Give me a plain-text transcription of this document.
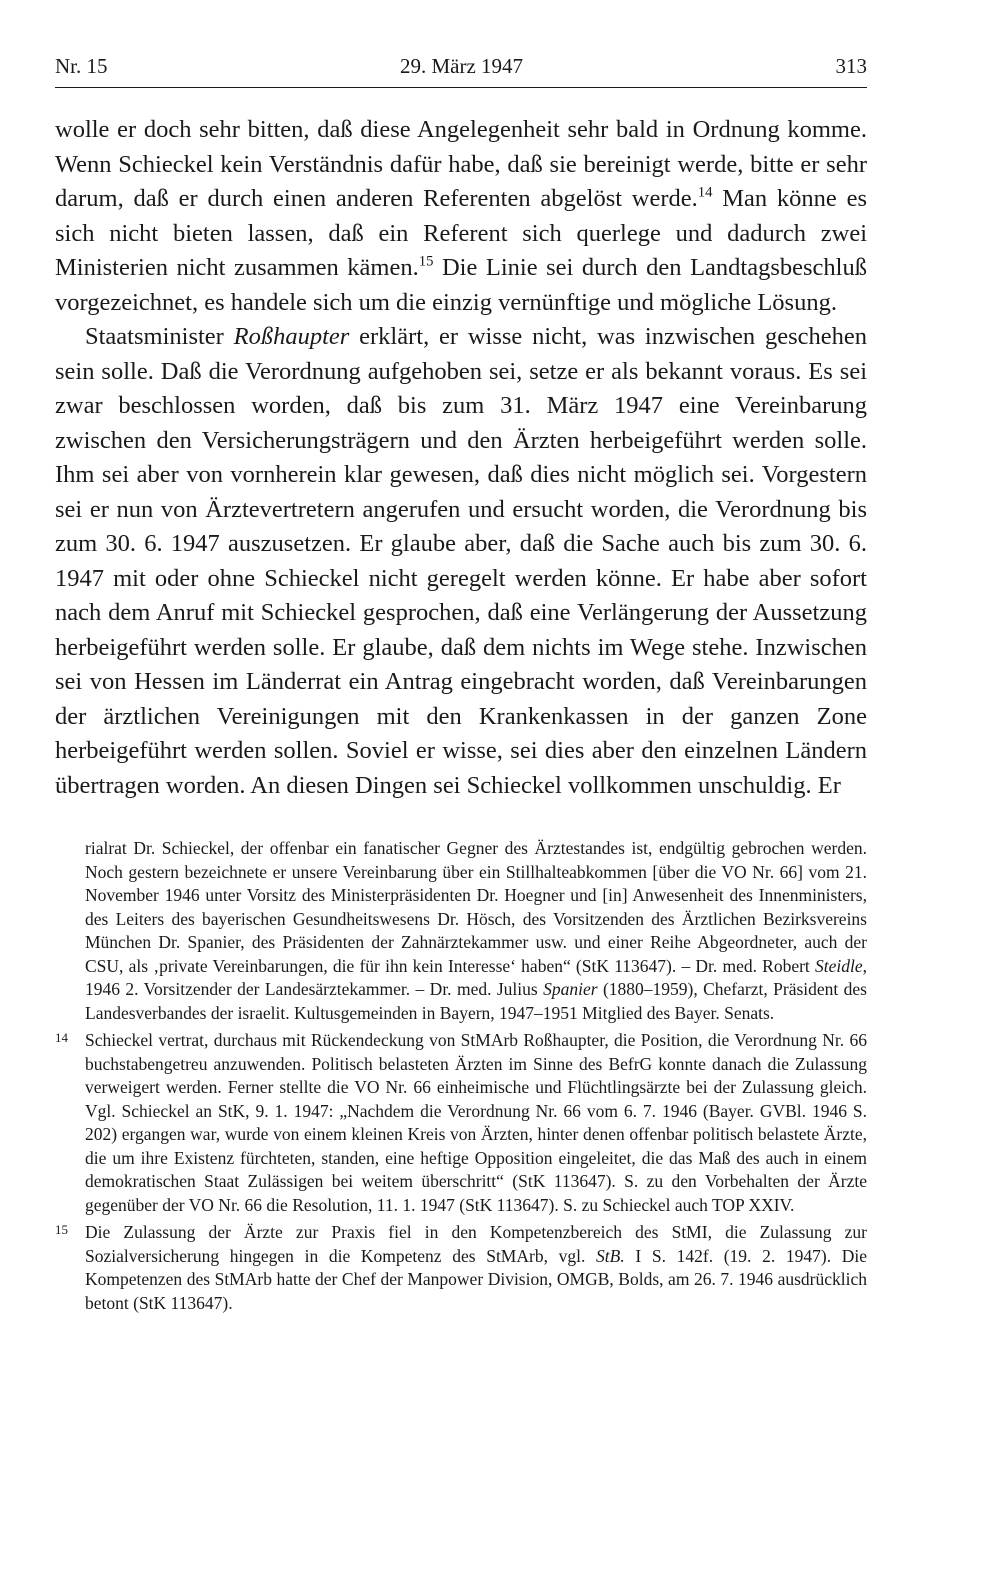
Nr. 15	29. März 1947	313

wolle er doch sehr bitten, daß diese Angelegenheit sehr bald in Ordnung komme. Wenn Schieckel kein Verständnis dafür habe, daß sie bereinigt werde, bitte er sehr darum, daß er durch einen anderen Referenten abgelöst werde.$^{14}$ Man könne es sich nicht bieten lassen, daß ein Referent sich querlege und dadurch zwei Ministerien nicht zusammen kämen.$^{15}$ Die Linie sei durch den Landtagsbeschluß vorgezeichnet, es handele sich um die einzig vernünftige und mögliche Lösung.

Staatsminister Roßhaupter erklärt, er wisse nicht, was inzwischen geschehen sein solle. Daß die Verordnung aufgehoben sei, setze er als bekannt voraus. Es sei zwar beschlossen worden, daß bis zum 31. März 1947 eine Vereinbarung zwischen den Versicherungsträgern und den Ärzten herbeigeführt werden solle. Ihm sei aber von vornherein klar gewesen, daß dies nicht möglich sei. Vorgestern sei er nun von Ärztevertretern angerufen und ersucht worden, die Verordnung bis zum 30. 6. 1947 auszusetzen. Er glaube aber, daß die Sache auch bis zum 30. 6. 1947 mit oder ohne Schieckel nicht geregelt werden könne. Er habe aber sofort nach dem Anruf mit Schieckel gesprochen, daß eine Verlängerung der Aussetzung herbeigeführt werden solle. Er glaube, daß dem nichts im Wege stehe. Inzwischen sei von Hessen im Länderrat ein Antrag eingebracht worden, daß Vereinbarungen der ärztlichen Vereinigungen mit den Krankenkassen in der ganzen Zone herbeigeführt werden sollen. Soviel er wisse, sei dies aber den einzelnen Ländern übertragen worden. An diesen Dingen sei Schieckel vollkommen unschuldig. Er

rialrat Dr. Schieckel, der offenbar ein fanatischer Gegner des Ärztestandes ist, endgültig gebrochen werden. Noch gestern bezeichnete er unsere Vereinbarung über ein Stillhalteabkommen [über die VO Nr. 66] vom 21. November 1946 unter Vorsitz des Ministerpräsidenten Dr. Hoegner und [in] Anwesenheit des Innenministers, des Leiters des bayerischen Gesundheitswesens Dr. Hösch, des Vorsitzenden des Ärztlichen Bezirksvereins München Dr. Spanier, des Präsidenten der Zahnärztekammer usw. und einer Reihe Abgeordneter, auch der CSU, als ‚private Vereinbarungen, die für ihn kein Interesse‘ haben“ (StK 113647). – Dr. med. Robert Steidle, 1946 2. Vorsitzender der Landesärztekammer. – Dr. med. Julius Spanier (1880–1959), Chefarzt, Präsident des Landesverbandes der israelit. Kultusgemeinden in Bayern, 1947–1951 Mitglied des Bayer. Senats.
14 Schieckel vertrat, durchaus mit Rückendeckung von StMArb Roßhaupter, die Position, die Verordnung Nr. 66 buchstabengetreu anzuwenden. Politisch belasteten Ärzten im Sinne des BefrG konnte danach die Zulassung verweigert werden. Ferner stellte die VO Nr. 66 einheimische und Flüchtlingsärzte bei der Zulassung gleich. Vgl. Schieckel an StK, 9. 1. 1947: „Nachdem die Verordnung Nr. 66 vom 6. 7. 1946 (Bayer. GVBl. 1946 S. 202) ergangen war, wurde von einem kleinen Kreis von Ärzten, hinter denen offenbar politisch belastete Ärzte, die um ihre Existenz fürchteten, standen, eine heftige Opposition eingeleitet, die das Maß des auch in einem demokratischen Staat Zulässigen bei weitem überschritt“ (StK 113647). S. zu den Vorbehalten der Ärzte gegenüber der VO Nr. 66 die Resolution, 11. 1. 1947 (StK 113647). S. zu Schieckel auch TOP XXIV.
15 Die Zulassung der Ärzte zur Praxis fiel in den Kompetenzbereich des StMI, die Zulassung zur Sozialversicherung hingegen in die Kompetenz des StMArb, vgl. StB. I S. 142f. (19. 2. 1947). Die Kompetenzen des StMArb hatte der Chef der Manpower Division, OMGB, Bolds, am 26. 7. 1946 ausdrücklich betont (StK 113647).
